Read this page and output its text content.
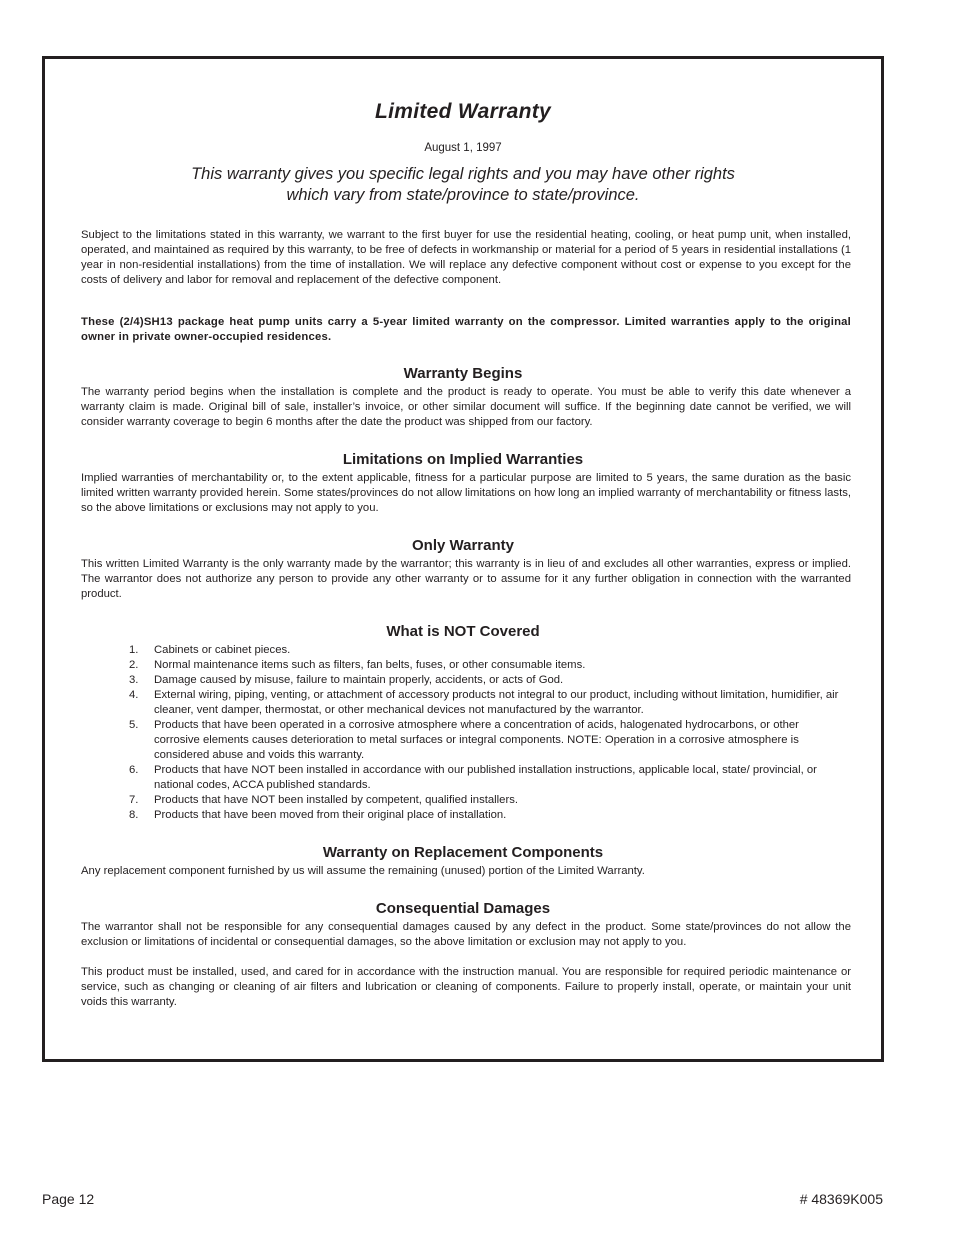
Limited Warranty
August 1, 1997
This warranty gives you specific legal rights and you may have other rights
which vary from state/province to state/province.
Subject to the limitations stated in this warranty, we warrant to the first buyer for use the residential heating, cooling, or heat pump unit, when installed, operated, and maintained as required by this warranty, to be free of defects in workmanship or material for a period of 5 years in residential installations (1 year in non-residential installations) from the time of installation. We will replace any defective component without cost or expense to you except for the costs of delivery and labor for removal and replacement of the defective component.
These (2/4)SH13 package heat pump units carry a 5-year limited warranty on the compressor. Limited warranties apply to the original owner in private owner-occupied residences.
Warranty Begins
The warranty period begins when the installation is complete and the product is ready to operate. You must be able to verify this date whenever a warranty claim is made. Original bill of sale, installer’s invoice, or other similar document will suffice. If the beginning date cannot be verified, we will consider warranty coverage to begin 6 months after the date the product was shipped from our factory.
Limitations on Implied Warranties
Implied warranties of merchantability or, to the extent applicable, fitness for a particular purpose are limited to 5 years, the same duration as the basic limited written warranty provided herein. Some states/provinces do not allow limitations on how long an implied warranty of merchantability or fitness lasts, so the above limitations or exclusions may not apply to you.
Only Warranty
This written Limited Warranty is the only warranty made by the warrantor; this warranty is in lieu of and excludes all other warranties, express or implied. The warrantor does not authorize any person to provide any other warranty or to assume for it any further obligation in connection with the warranted product.
What is NOT Covered
1. Cabinets or cabinet pieces.
2. Normal maintenance items such as filters, fan belts, fuses, or other consumable items.
3. Damage caused by misuse, failure to maintain properly, accidents, or acts of God.
4. External wiring, piping, venting, or attachment of accessory products not integral to our product, including without limitation, humidifier, air cleaner, vent damper, thermostat, or other mechanical devices not manufactured by the warrantor.
5. Products that have been operated in a corrosive atmosphere where a concentration of acids, halogenated hydrocarbons, or other corrosive elements causes deterioration to metal surfaces or integral components. NOTE: Operation in a corrosive atmosphere is considered abuse and voids this warranty.
6. Products that have NOT been installed in accordance with our published installation instructions, applicable local, state/ provincial, or national codes, ACCA published standards.
7. Products that have NOT been installed by competent, qualified installers.
8. Products that have been moved from their original place of installation.
Warranty on Replacement Components
Any replacement component furnished by us will assume the remaining (unused) portion of the Limited Warranty.
Consequential Damages
The warrantor shall not be responsible for any consequential damages caused by any defect in the product. Some state/provinces do not allow the exclusion or limitations of incidental or consequential damages, so the above limitation or exclusion may not apply to you.
This product must be installed, used, and cared for in accordance with the instruction manual. You are responsible for required periodic maintenance or service, such as changing or cleaning of air filters and lubrication or cleaning of components. Failure to properly install, operate, or maintain your unit voids this warranty.
Page 12	# 48369K005
